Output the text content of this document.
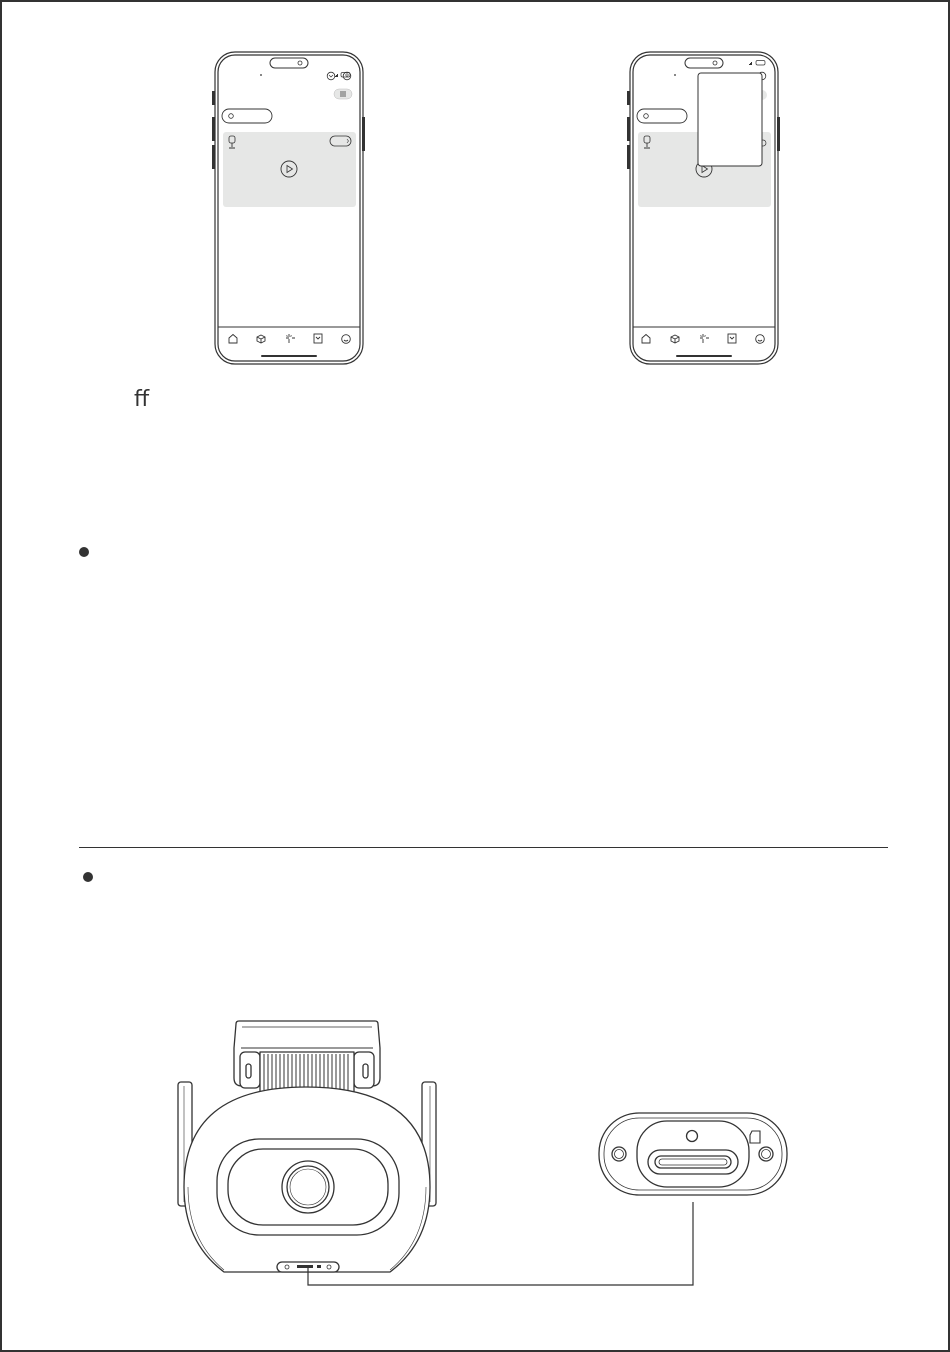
ff
